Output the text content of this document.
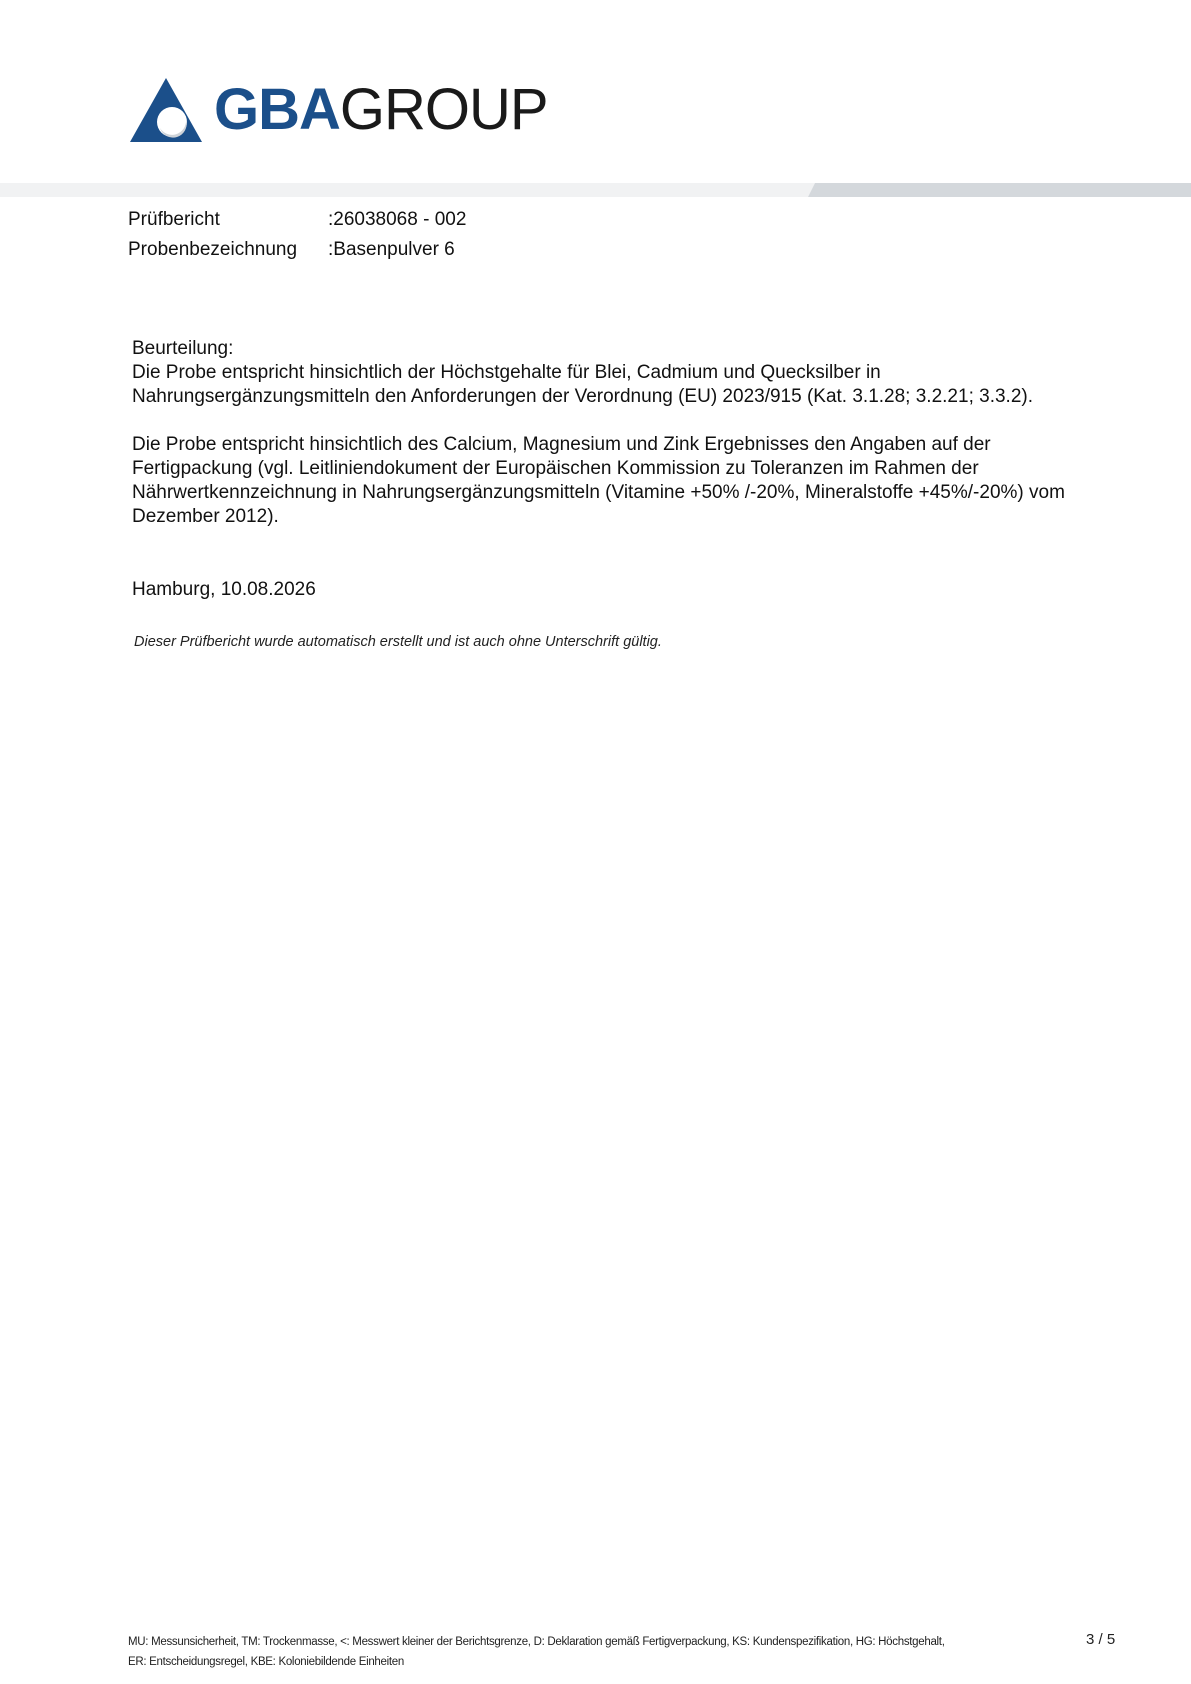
GBAGROUP
Prüfbericht	:26038068 - 002
Probenbezeichnung :Basenpulver 6

Beurteilung:

Die Probe entspricht hinsichtlich der Höchstgehalte für Blei, Cadmium und Quecksilber in Nahrungsergänzungsmitteln den Anforderungen der Verordnung (EU) 2023/915 (Kat. 3.1.28; 3.2.21; 3.3.2).

Die Probe entspricht hinsichtlich des Calcium, Magnesium und Zink Ergebnisses den Angaben auf der Fertigpackung (vgl. Leitliniendokument der Europäischen Kommission zu Toleranzen im Rahmen der Nährwertkennzeichnung in Nahrungsergänzungsmitteln (Vitamine +50% /-20%, Mineralstoffe +45%/-20%) vom Dezember 2012).

Hamburg, 10.08.2026

Dieser Prüfbericht wurde automatisch erstellt und ist auch ohne Unterschrift gültig.
MU: Messunsicherheit, TM: Trockenmasse, <: Messwert kleiner der Berichtsgrenze, D: Deklaration gemäß Fertigverpackung, KS: Kundenspezifikation, HG: Höchstgehalt,
ER: Entscheidungsregel, KBE: Koloniebildende Einheiten
3 / 5
